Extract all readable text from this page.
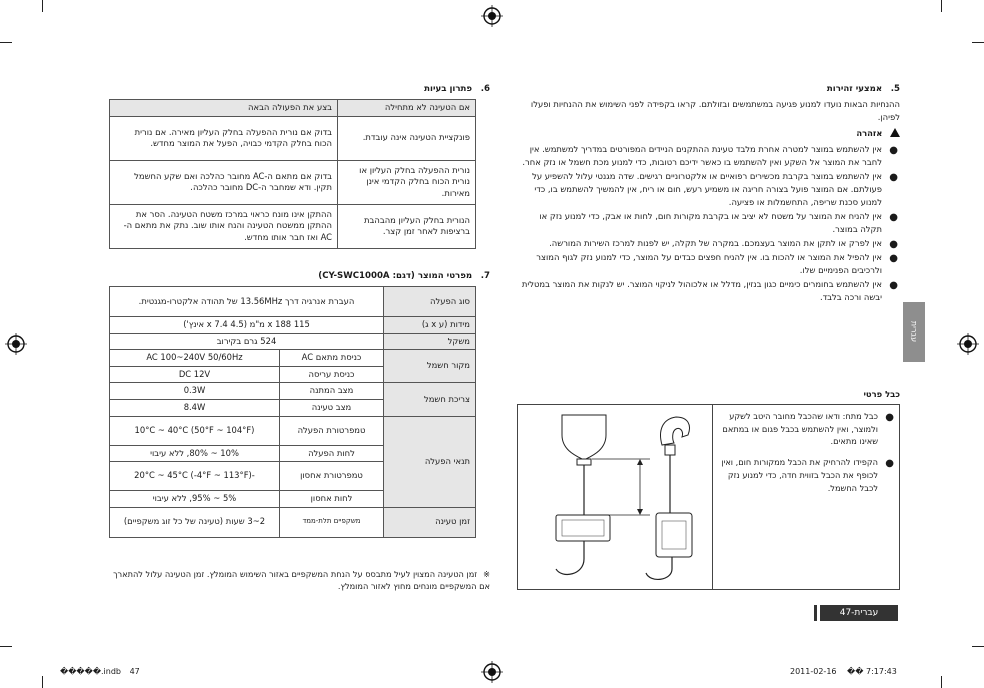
5. אמצעי זהירות
ההנחיות הבאות נועדו למנוע פגיעה במשתמשים ובזולתם. קראו בקפידה לפני השימוש את ההנחיות ופעלו לפיהן.
אזהרה
●
אין להשתמש במוצר למטרה אחרת מלבד טעינת ההתקנים הניידים המפורטים במדריך למשתמש. אין לחבר את המוצר אל השקע ואין להשתמש בו כאשר ידיכם רטובות, כדי למנוע מכת חשמל או נזק אחר.
●
אין להשתמש במוצר בקרבת מכשירים רפואיים או אלקטרוניים רגישים. שדה מגנטי עלול להשפיע על פעולתם. אם המוצר פועל בצורה חריגה או משמיע רעש, חום או ריח, אין להמשיך להשתמש בו, כדי למנוע סכנת שריפה, התחשמלות או פציעה.
●
אין להניח את המוצר על משטח לא יציב או בקרבת מקורות חום, לחות או אבק, כדי למנוע נזק או תקלה במוצר.
●
אין לפרק או לתקן את המוצר בעצמכם. במקרה של תקלה, יש לפנות למרכז השירות המורשה.
●
אין להפיל את המוצר או להכות בו. אין להניח חפצים כבדים על המוצר, כדי למנוע נזק לגוף המוצר ולרכיבים הפנימיים שלו.
●
אין להשתמש בחומרים כימיים כגון בנזין, מדלל או אלכוהול לניקוי המוצר. יש לנקות את המוצר במטלית יבשה ורכה בלבד.
כבל פרטי
●
כבל מתח: ודאו שהכבל מחובר היטב לשקע ולמוצר, ואין להשתמש בכבל פגום או במתאם שאינו מתאים.
●
הקפידו להרחיק את הכבל ממקורות חום, ואין לכופף את הכבל בזווית חדה, כדי למנוע נזק לכבל החשמל.
עברית
עברית-47
6. פתרון בעיות
אם הטעינה לא מתחילה	בצע את הפעולה הבאה
פונקציית הטעינה אינה עובדת.	בדוק אם נורית ההפעלה בחלק העליון מאירה. אם נורית הכוח בחלק הקדמי כבויה, הפעל את המוצר מחדש.
נורית ההפעלה בחלק העליון או נורית הכוח בחלק הקדמי אינן מאירות.	בדוק אם מתאם ה-AC מחובר כהלכה ואם שקע החשמל תקין. ודא שמחבר ה-DC מחובר כהלכה.
הנורית בחלק העליון מהבהבת ברציפות לאחר זמן קצר.	ההתקן אינו מונח כראוי במרכז משטח הטעינה. הסר את ההתקן ממשטח הטעינה והנח אותו שוב. נתק את מתאם ה-AC ואז חבר אותו מחדש.
7. מפרטי המוצר (דגם: CY-SWC1000A)
סוג הפעלה	העברת אנרגיה דרך 13.56MHz של תהודה אלקטרו-מגנטית.	
מידות (ע x ג)	115 x 188 מ"מ (4.5 x 7.4 אינץ')	
משקל	524 גרם בקירוב	
מקור חשמל	כניסת מתאם AC	AC 100~240V 50/60Hz
	כניסת עריסה	DC 12V
צריכת חשמל	מצב המתנה	0.3W
	מצב טעינה	8.4W
תנאי הפעלה	טמפרטורת הפעלה	10°C ~ 40°C (50°F ~ 104°F)
	לחות הפעלה	10% ~ 80%, ללא עיבוי
	טמפרטורת אחסון	-20°C ~ 45°C (-4°F ~ 113°F)
	לחות אחסון	5% ~ 95%, ללא עיבוי
זמן טעינה	משקפיים תלת-ממד	2~3 שעות (טעינה של כל זוג משקפיים)
※
זמן הטעינה המצוין לעיל מתבסס על הנחת המשקפיים באזור השימוש המומלץ. זמן הטעינה עלול להתארך אם המשקפיים מונחים מחוץ לאזור המומלץ.
�����.indb 47	2011-02-16 �� 7:17:43
